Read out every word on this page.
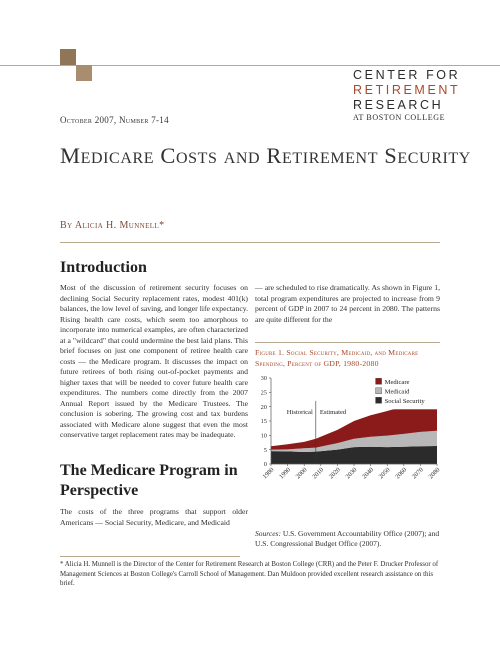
CENTER FOR
RETIREMENT
RESEARCH
AT BOSTON COLLEGE
October 2007, Number 7-14
Medicare Costs and Retirement Security
By Alicia H. Munnell*
Introduction

Most of the discussion of retirement security focuses on declining Social Security replacement rates, modest 401(k) balances, the low level of saving, and longer life expectancy. Rising health care costs, which seem too amorphous to incorporate into numerical examples, are often characterized at a "wildcard" that could undermine the best laid plans. This brief focuses on just one component of retiree health care costs — the Medicare program. It discusses the impact on future retirees of both rising out-of-pocket payments and higher taxes that will be needed to cover future health care expenditures. The numbers come directly from the 2007 Annual Report issued by the Medicare Trustees. The conclusion is sobering. The growing cost and tax burdens associated with Medicare alone suggest that even the most conservative target replacement rates may be inadequate.

The Medicare Program in Perspective

The costs of the three programs that support older Americans — Social Security, Medicare, and Medicaid

— are scheduled to rise dramatically. As shown in Figure 1, total program expenditures are projected to increase from 9 percent of GDP in 2007 to 24 percent in 2080. The patterns are quite different for the

Figure 1. Social Security, Medicaid, and Medicare Spending, Percent of GDP, 1980-2080
0
5
10
15
20
25
30
1980 1990 2000 2010 2020 2030 2040 2050 2060 2070 2080
Historical Estimated
Medicare
Medicaid
Social Security
Sources: U.S. Government Accountability Office (2007); and U.S. Congressional Budget Office (2007).

* Alicia H. Munnell is the Director of the Center for Retirement Research at Boston College (CRR) and the Peter F. Drucker Professor of Management Sciences at Boston College's Carroll School of Management. Dan Muldoon provided excellent research assistance on this brief.
